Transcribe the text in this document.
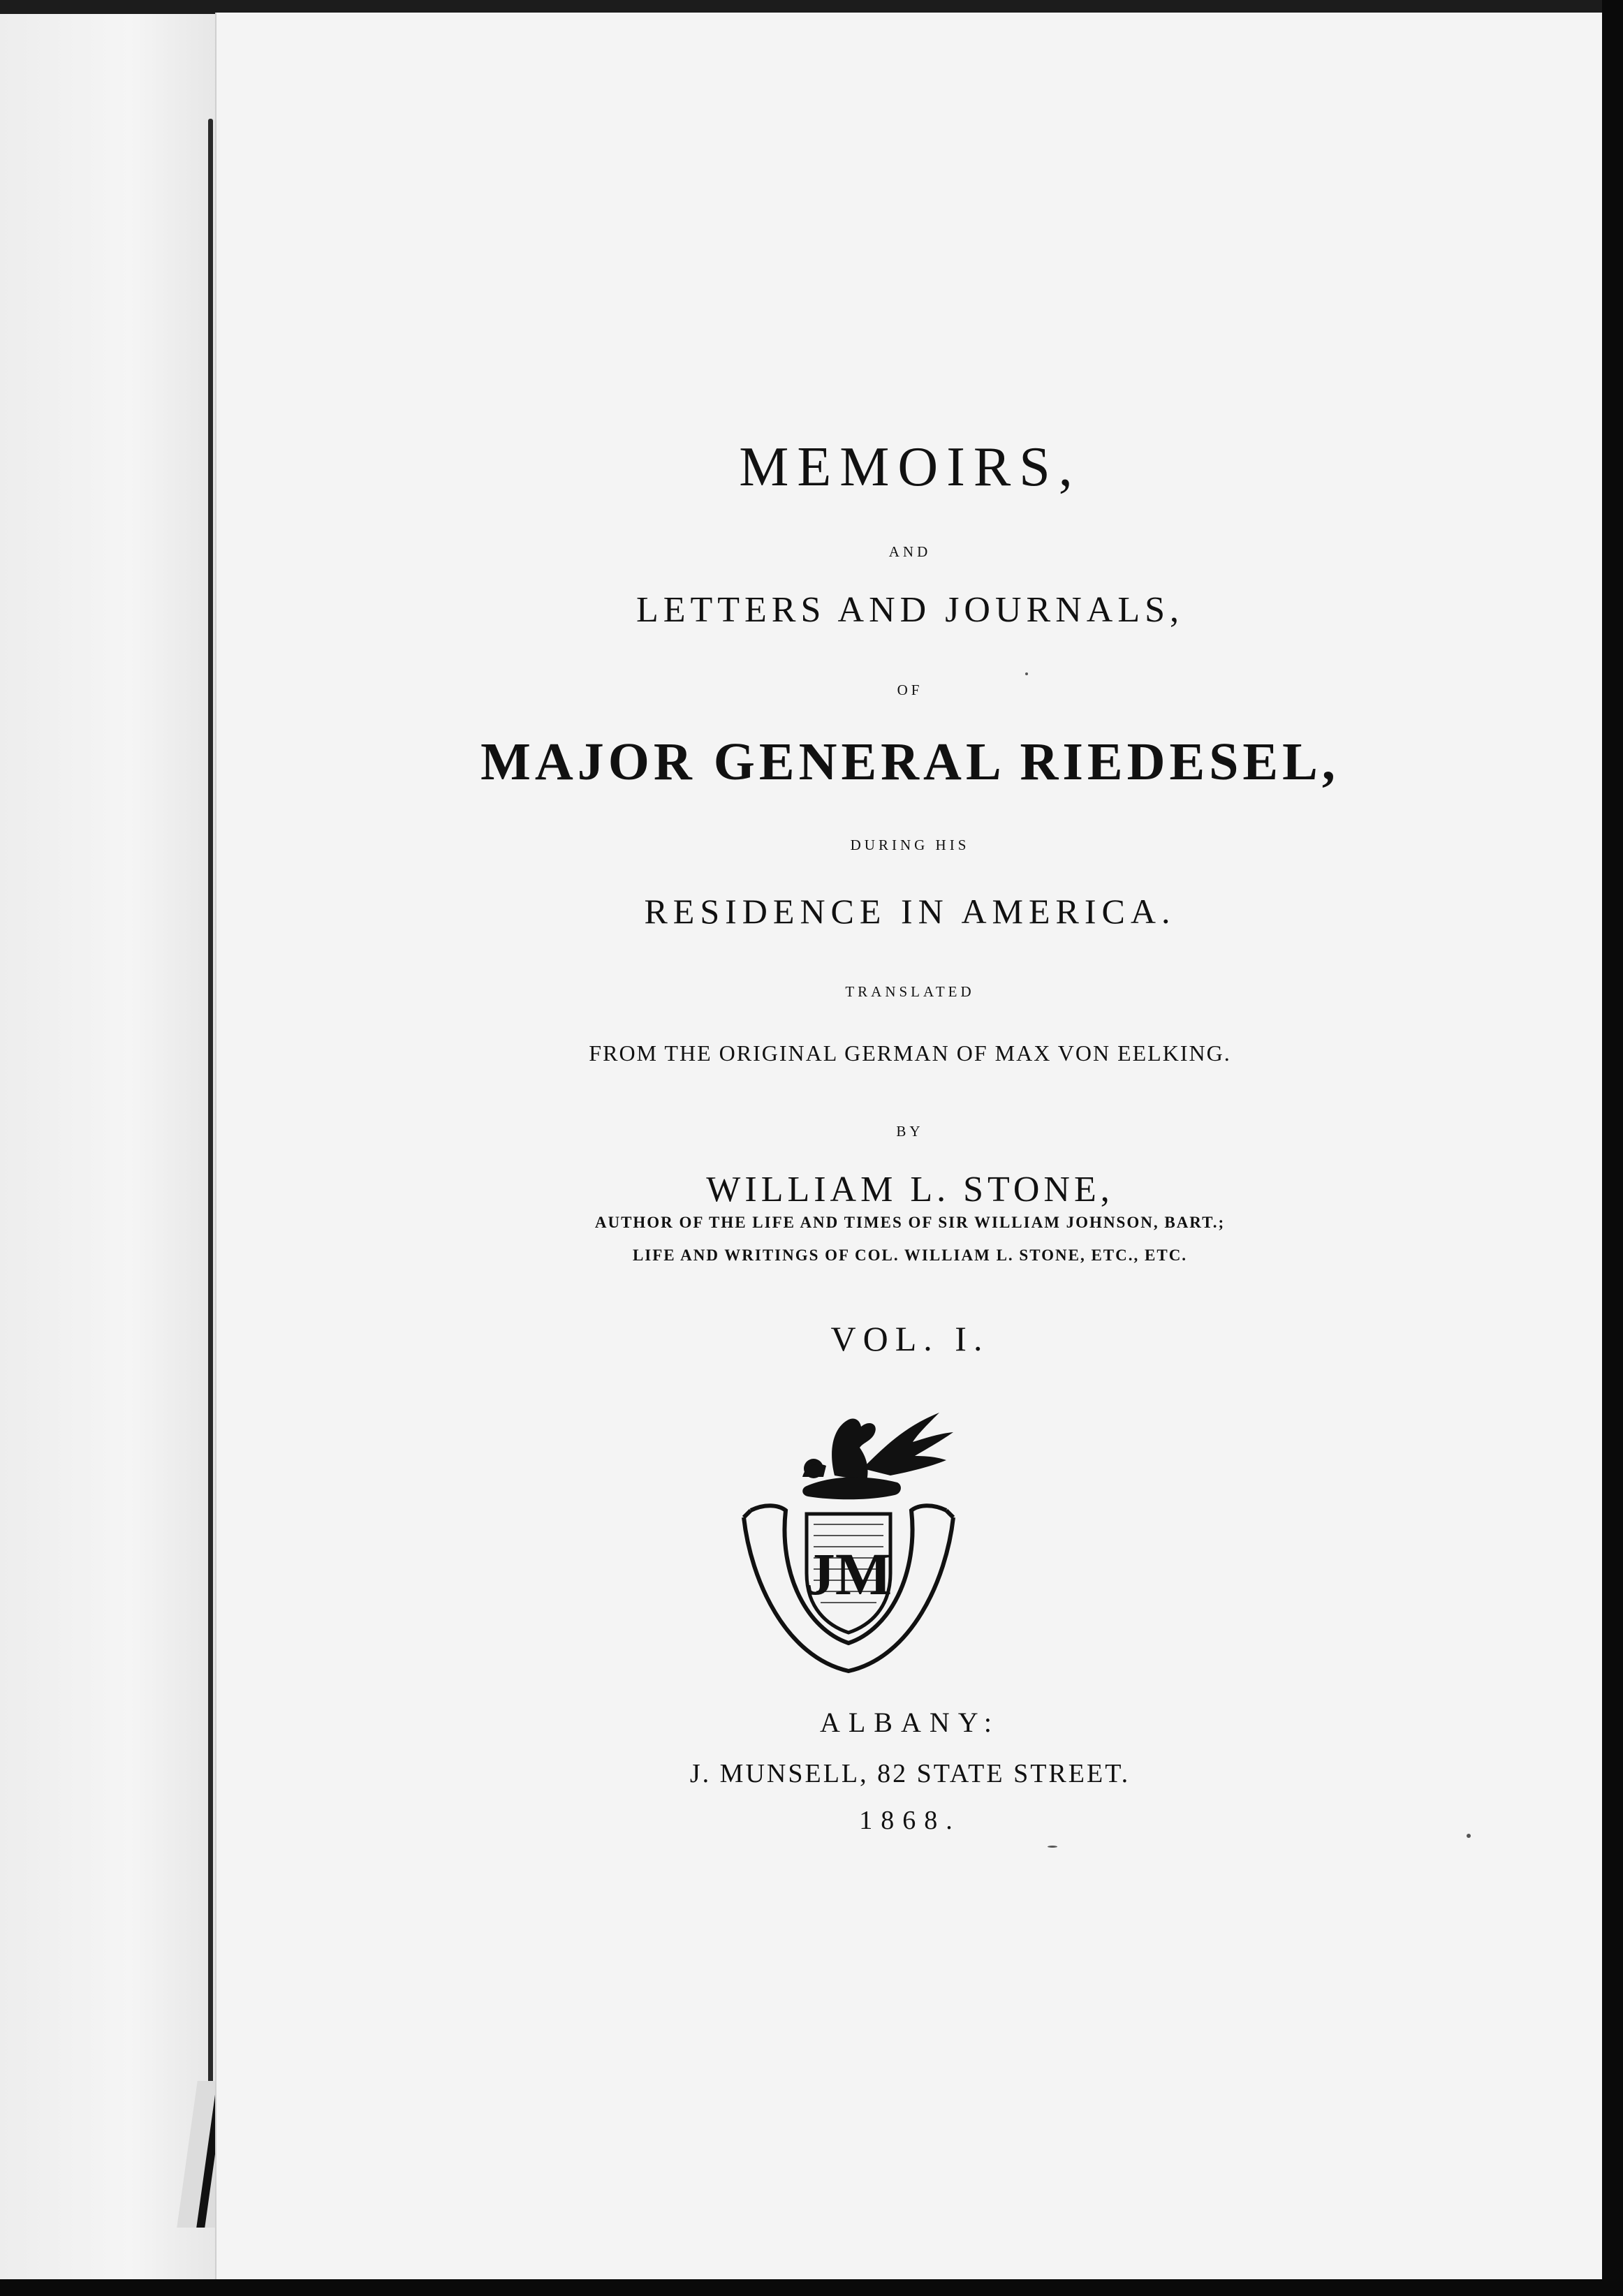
MEMOIRS,
AND
LETTERS AND JOURNALS,
OF
MAJOR GENERAL RIEDESEL,
DURING HIS
RESIDENCE IN AMERICA.
TRANSLATED
FROM THE ORIGINAL GERMAN OF MAX VON EELKING.
BY
WILLIAM L. STONE,
AUTHOR OF THE LIFE AND TIMES OF SIR WILLIAM JOHNSON, BART.;
LIFE AND WRITINGS OF COL. WILLIAM L. STONE, ETC., ETC.
VOL. I.
JM
ALBANY:
J. MUNSELL, 82 STATE STREET.
1868.
